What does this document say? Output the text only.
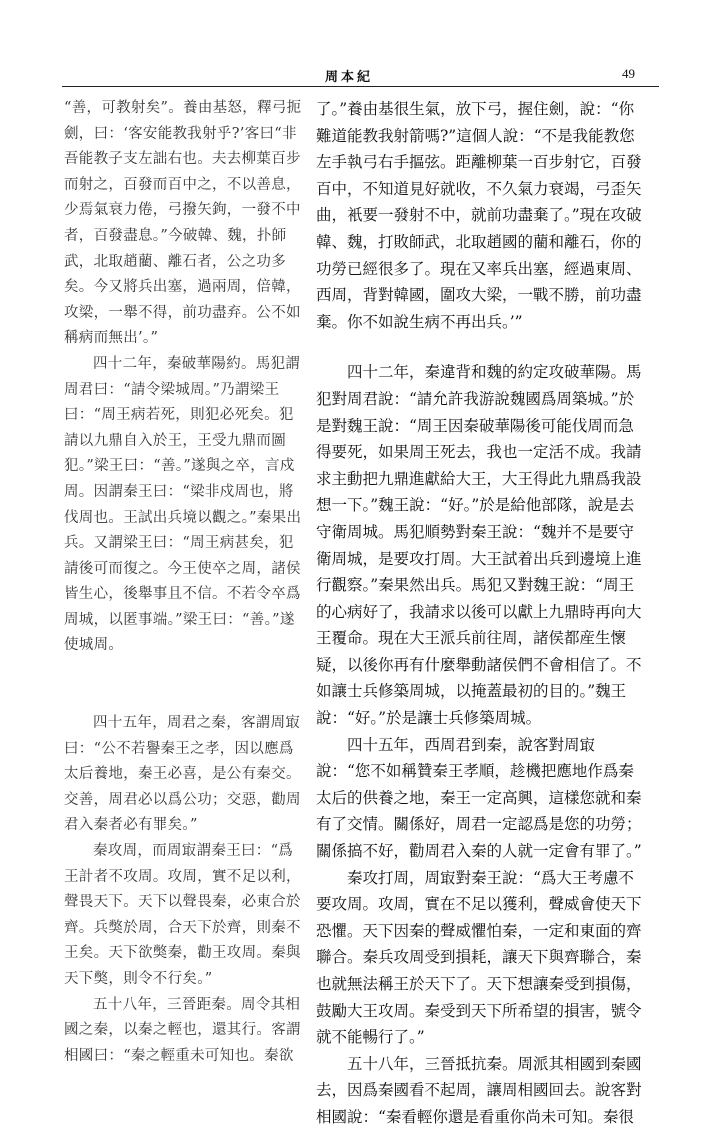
周本紀	49

“善，可教射矣”。養由基怒，釋弓扼劍，曰：‘客安能教我射乎?’客曰“非吾能教子支左詘右也。夫去柳葉百步而射之，百發而百中之，不以善息，少焉氣衰力倦，弓撥矢鉤，一發不中者，百發盡息。”今破韓、魏，扑師武，北取趙藺、離石者，公之功多矣。今又將兵出塞，過兩周，倍韓，攻梁，一舉不得，前功盡弃。公不如稱病而無出’。”

四十二年，秦破華陽約。馬犯謂周君曰：“請令梁城周。”乃謂梁王曰：“周王病若死，則犯必死矣。犯請以九鼎自入於王，王受九鼎而圖犯。”梁王曰：“善。”遂與之卒，言戍周。因謂秦王曰：“梁非戍周也，將伐周也。王試出兵境以觀之。”秦果出兵。又謂梁王曰：“周王病甚矣，犯請後可而復之。今王使卒之周，諸侯皆生心，後舉事且不信。不若令卒爲周城，以匿事端。”梁王曰：“善。”遂使城周。

四十五年，周君之秦，客謂周㝡曰：“公不若譽秦王之孝，因以應爲太后養地，秦王必喜，是公有秦交。交善，周君必以爲公功；交惡，勸周君入秦者必有罪矣。”

秦攻周，而周㝡謂秦王曰：“爲王計者不攻周。攻周，實不足以利，聲畏天下。天下以聲畏秦，必東合於齊。兵獘於周，合天下於齊，則秦不王矣。天下欲獘秦，勸王攻周。秦與天下獘，則令不行矣。”

五十八年，三晉距秦。周令其相國之秦，以秦之輕也，還其行。客謂相國曰：“秦之輕重未可知也。秦欲

了。”養由基很生氣，放下弓，握住劍，說：“你難道能教我射箭嗎?”這個人說：“不是我能教您左手執弓右手摳弦。距離柳葉一百步射它，百發百中，不知道見好就收，不久氣力衰竭，弓歪矢曲，衹要一發射不中，就前功盡棄了。”現在攻破韓、魏，打敗師武，北取趙國的藺和離石，你的功勞已經很多了。現在又率兵出塞，經過東周、西周，背對韓國，圍攻大梁，一戰不勝，前功盡棄。你不如說生病不再出兵。’”

四十二年，秦違背和魏的約定攻破華陽。馬犯對周君說：“請允許我游說魏國爲周築城。”於是對魏王說：“周王因秦破華陽後可能伐周而急得要死，如果周王死去，我也一定活不成。我請求主動把九鼎進獻給大王，大王得此九鼎爲我設想一下。”魏王說：“好。”於是給他部隊，說是去守衛周城。馬犯順勢對秦王說：“魏并不是要守衛周城，是要攻打周。大王試着出兵到邊境上進行觀察。”秦果然出兵。馬犯又對魏王說：“周王的心病好了，我請求以後可以獻上九鼎時再向大王覆命。現在大王派兵前往周，諸侯都産生懷疑，以後你再有什麼舉動諸侯們不會相信了。不如讓士兵修築周城，以掩蓋最初的目的。”魏王說：“好。”於是讓士兵修築周城。

四十五年，西周君到秦，說客對周㝡說：“您不如稱贊秦王孝順，趁機把應地作爲秦太后的供養之地，秦王一定高興，這樣您就和秦有了交情。關係好，周君一定認爲是您的功勞；關係搞不好，勸周君入秦的人就一定會有罪了。”

秦攻打周，周㝡對秦王說：“爲大王考慮不要攻周。攻周，實在不足以獲利，聲威會使天下恐懼。天下因秦的聲威懼怕秦，一定和東面的齊聯合。秦兵攻周受到損耗，讓天下與齊聯合，秦也就無法稱王於天下了。天下想讓秦受到損傷，鼓勵大王攻周。秦受到天下所希望的損害，號令就不能暢行了。”

五十八年，三晉抵抗秦。周派其相國到秦國去，因爲秦國看不起周，讓周相國回去。說客對相國說：“秦看輕你還是看重你尚未可知。秦很
